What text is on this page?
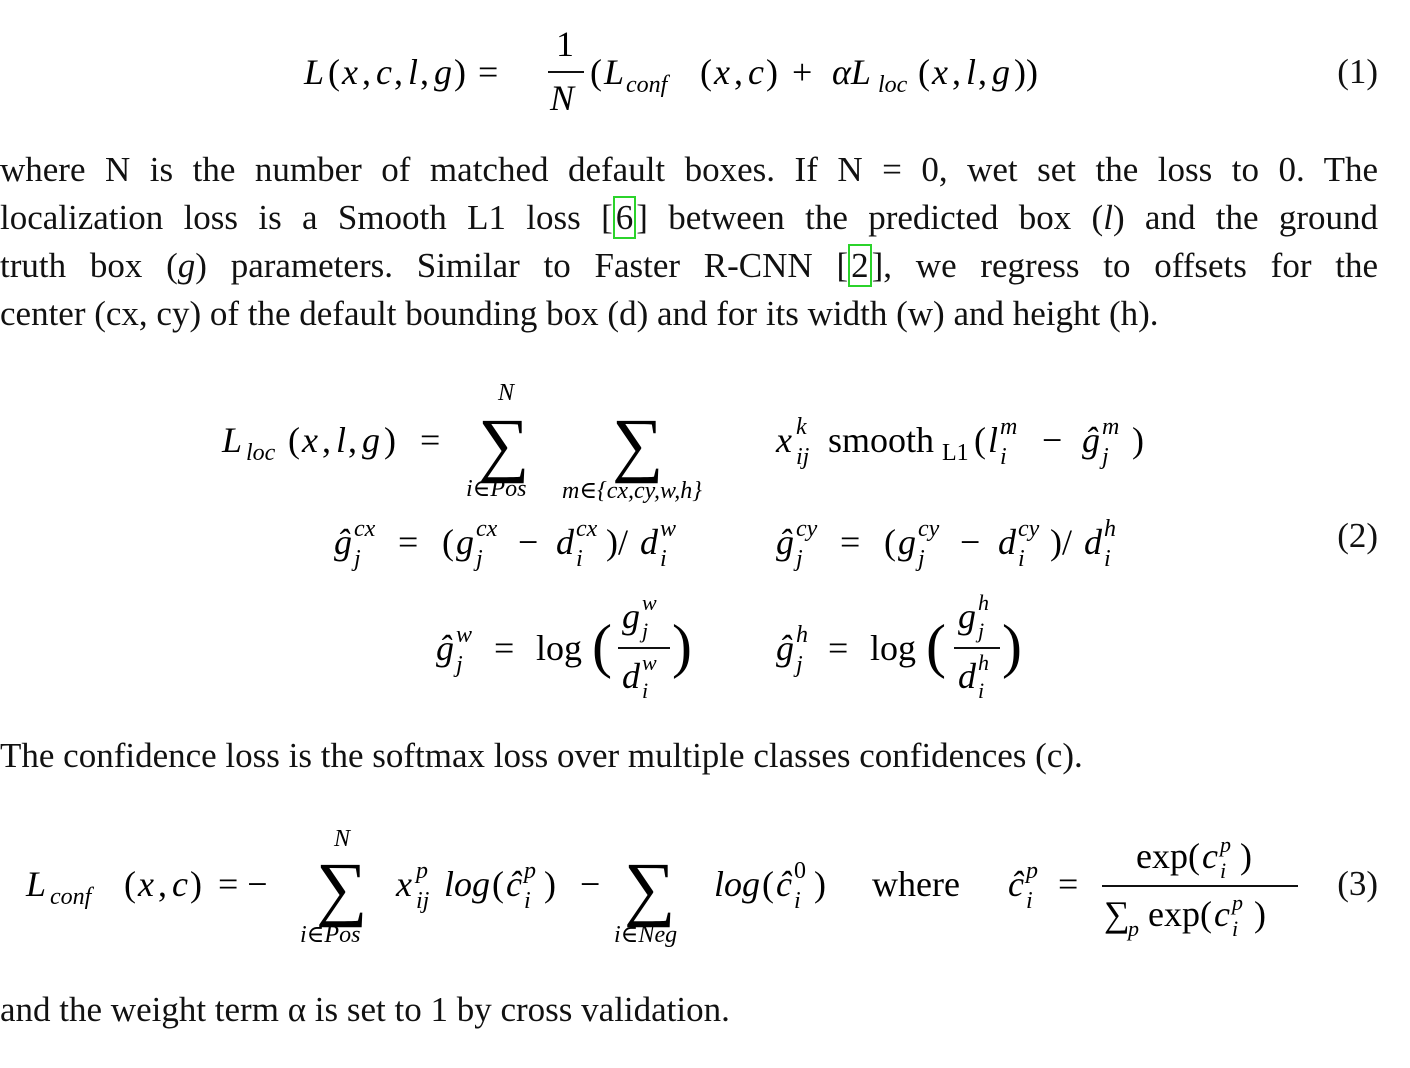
L ( x , c , l , g ) =
1
N
( L conf ( x , c ) + αL loc ( x , l , g ))	(1)
where N is the number of matched default boxes. If N = 0, wet set the loss to 0. The
localization loss is a Smooth L1 loss [6] between the predicted box (l) and the ground
truth box (g) parameters. Similar to Faster R-CNN [2], we regress to offsets for the
center (cx, cy) of the default bounding box (d) and for its width (w) and height (h).
L loc ( x , l , g ) =
N
∑
i∈Pos
∑
m∈{cx,cy,w,h}
x k
ij smooth L1 ( l m
i − ĝ m
j )
ĝ cx
j = ( g cx
j − d cx
i )/ d w
i	ĝ cy
j = ( g cy
j − d cy
i )/ d h
i
ĝ w
j = log ( g w
j
d w
i
) ĝ h
j = log ( g h
j
d h
i
)
(2)
The confidence loss is the softmax loss over multiple classes confidences (c).
L conf ( x , c ) = −
N
∑
i∈Pos
x p
ij log ( ĉ p
i ) − ∑
i∈Neg
log ( ĉ 0
i ) where ĉ p
i =
exp( c p
i )
∑
p exp( c p
i )
(3)
and the weight term α is set to 1 by cross validation.
